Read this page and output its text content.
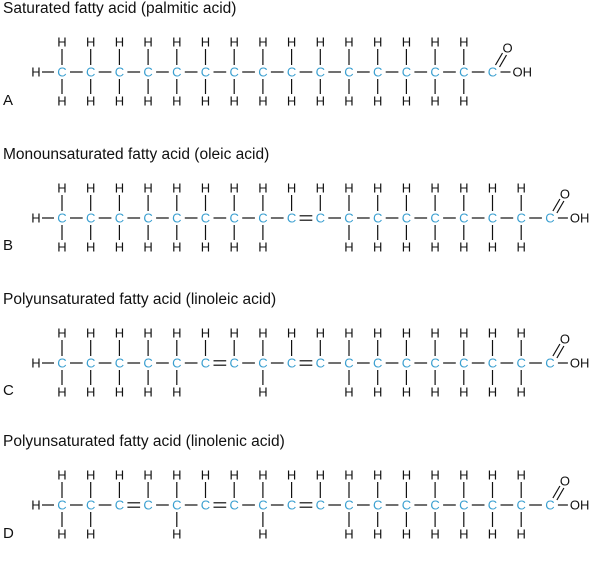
Saturated fatty acid (palmitic acid)
H C
H
H
C
H
H
C
H
H
C
H
H
C
H
H
C
H
H
C
H
H
C
H
H
C
H
H
C
H
H
C
H
H
C
H
H
C
H
H
C
H
H
C
H
H
C
O
OH
A
Monounsaturated fatty acid (oleic acid)
H C
H
H
C
H
H
C
H
H
C
H
H
C
H
H
C
H
H
C
H
H
C
H
H
C
H
C
H
C
H
H
C
H
H
C
H
H
C
H
H
C
H
H
C
H
H
C
H
H
C
O
OH
B
Polyunsaturated fatty acid (linoleic acid)
H C
H
H
C
H
H
C
H
H
C
H
H
C
H
H
C
H
C
H
C
H
H
C
H
C
H
C
H
H
C
H
H
C
H
H
C
H
H
C
H
H
C
H
H
C
H
H
C
O
OH
C
Polyunsaturated fatty acid (linolenic acid)
H C
H
H
C
H
H
C
H
C
H
C
H
H
C
H
C
H
C
H
H
C
H
C
H
C
H
H
C
H
H
C
H
H
C
H
H
C
H
H
C
H
H
C
H
H
C
O
OH
D
